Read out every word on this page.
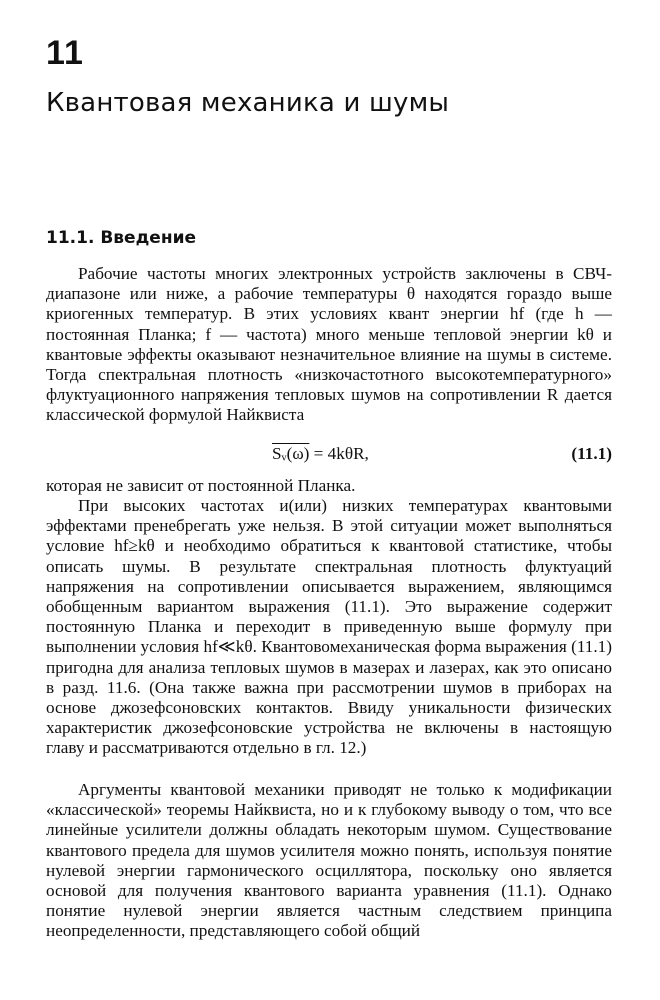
11
Квантовая механика и шумы
11.1. Введение

Рабочие частоты многих электронных устройств заключены в СВЧ-диапазоне или ниже, а рабочие температуры θ находятся гораздо выше криогенных температур. В этих условиях квант энергии hf (где h — постоянная Планка; f — частота) много меньше тепловой энергии kθ и квантовые эффекты оказывают незначительное влияние на шумы в системе. Тогда спектральная плотность «низкочастотного высокотемпературного» флуктуационного напряжения тепловых шумов на сопротивлении R дается классической формулой Найквиста

Sᵥ(ω) = 4kθR,	(11.1)

которая не зависит от постоянной Планка.

При высоких частотах и(или) низких температурах квантовыми эффектами пренебрегать уже нельзя. В этой ситуации может выполняться условие hf≥kθ и необходимо обратиться к квантовой статистике, чтобы описать шумы. В результате спектральная плотность флуктуаций напряжения на сопротивлении описывается выражением, являющимся обобщенным вариантом выражения (11.1). Это выражение содержит постоянную Планка и переходит в приведенную выше формулу при выполнении условия hf≪kθ. Квантовомеханическая форма выражения (11.1) пригодна для анализа тепловых шумов в мазерах и лазерах, как это описано в разд. 11.6. (Она также важна при рассмотрении шумов в приборах на основе джозефсоновских контактов. Ввиду уникальности физических характеристик джозефсоновские устройства не включены в настоящую главу и рассматриваются отдельно в гл. 12.)

Аргументы квантовой механики приводят не только к модификации «классической» теоремы Найквиста, но и к глубокому выводу о том, что все линейные усилители должны обладать некоторым шумом. Существование квантового предела для шумов усилителя можно понять, используя понятие нулевой энергии гармонического осциллятора, поскольку оно является основой для получения квантового варианта уравнения (11.1). Однако понятие нулевой энергии является частным следствием принципа неопределенности, представляющего собой общий
